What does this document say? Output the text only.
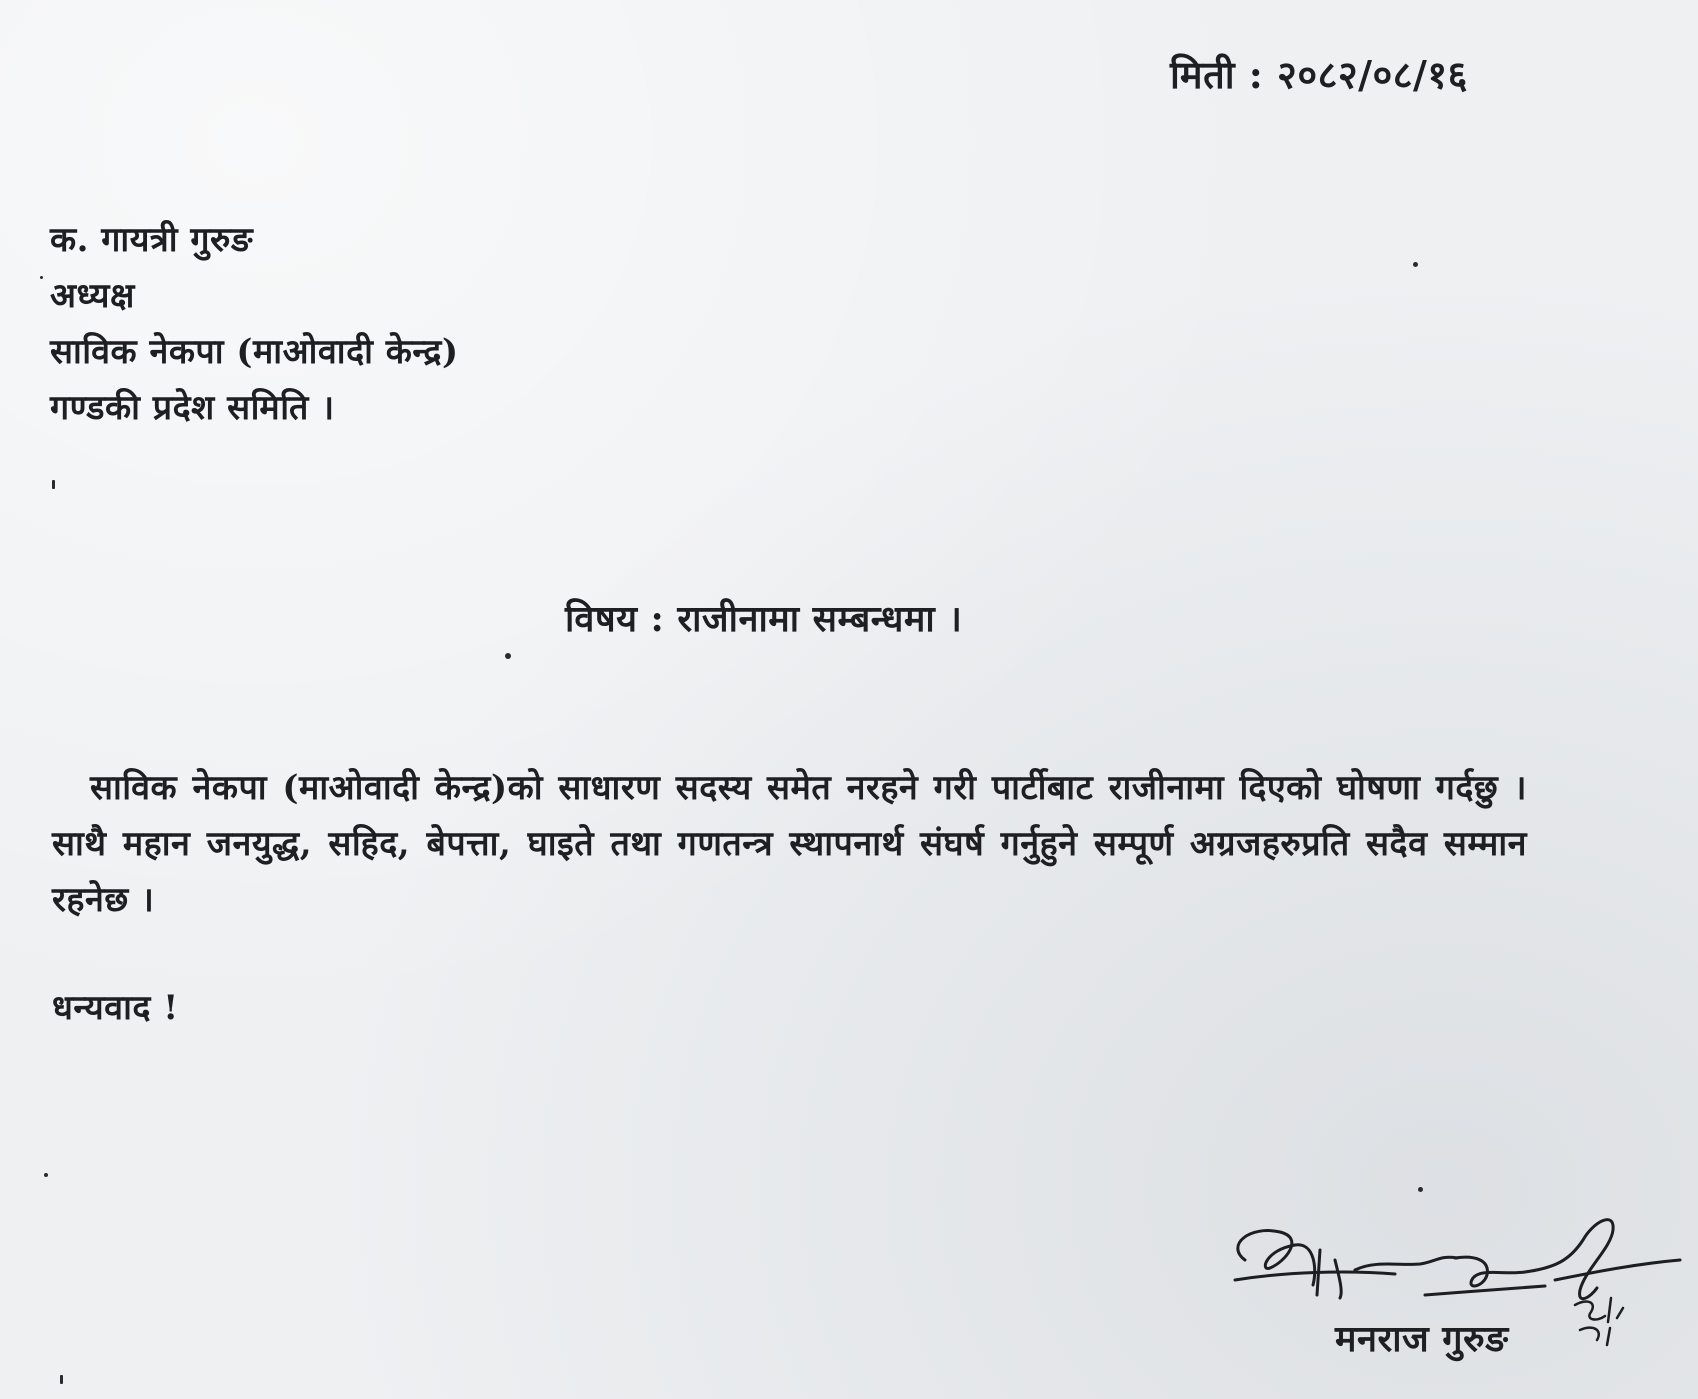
मिती : २०८२/०८/१६
क. गायत्री गुरुङ
अध्यक्ष
साविक नेकपा (माओवादी केन्द्र)
गण्डकी प्रदेश समिति ।
विषय : राजीनामा सम्बन्धमा ।
साविक नेकपा (माओवादी केन्द्र)को साधारण सदस्य समेत नरहने गरी पार्टीबाट राजीनामा दिएको घोषणा गर्दछु । साथै महान जनयुद्ध, सहिद, बेपत्ता, घाइते तथा गणतन्त्र स्थापनार्थ संघर्ष गर्नुहुने सम्पूर्ण अग्रजहरुप्रति सदैव सम्मान रहनेछ ।
धन्यवाद !
मनराज गुरुङ
